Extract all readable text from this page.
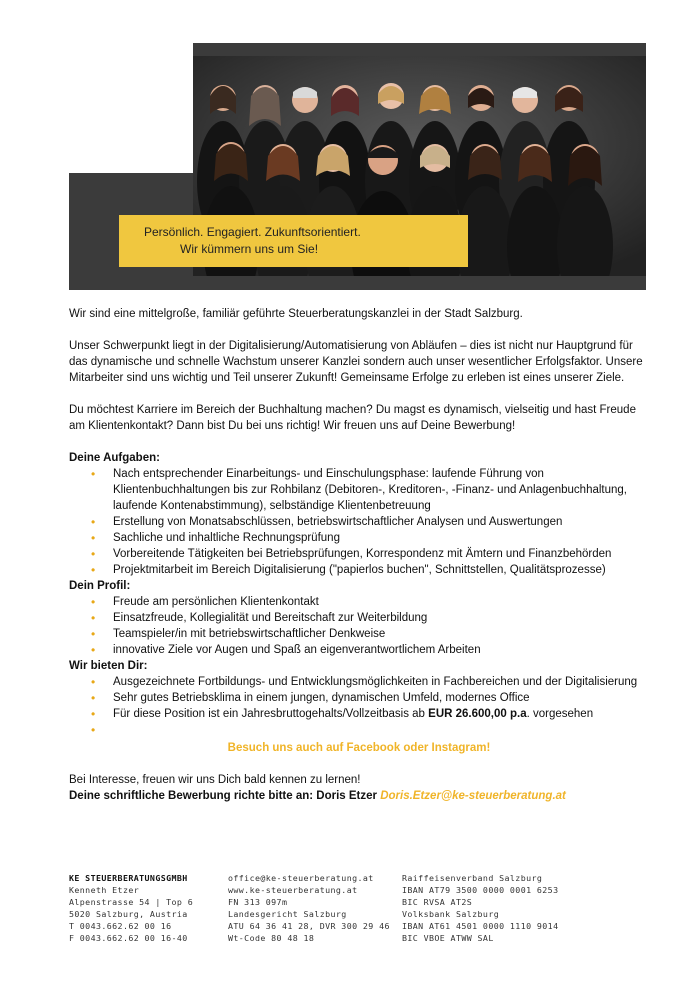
Persönlich. Engagiert. Zukunftsorientiert.
Wir kümmern uns um Sie!

Wir sind eine mittelgroße, familiär geführte Steuerberatungskanzlei in der Stadt Salzburg.

Unser Schwerpunkt liegt in der Digitalisierung/Automatisierung von Abläufen – dies ist nicht nur Hauptgrund für das dynamische und schnelle Wachstum unserer Kanzlei sondern auch unser wesentlicher Erfolgsfaktor. Unsere Mitarbeiter sind uns wichtig und Teil unserer Zukunft! Gemeinsame Erfolge zu erleben ist eines unserer Ziele.

Du möchtest Karriere im Bereich der Buchhaltung machen? Du magst es dynamisch, vielseitig und hast Freude am Klientenkontakt? Dann bist Du bei uns richtig! Wir freuen uns auf Deine Bewerbung!

Deine Aufgaben:
• Nach entsprechender Einarbeitungs- und Einschulungsphase: laufende Führung von Klientenbuchhaltungen bis zur Rohbilanz (Debitoren-, Kreditoren-, -Finanz- und Anlagenbuchhaltung, laufende Kontenabstimmung), selbständige Klientenbetreuung
• Erstellung von Monatsabschlüssen, betriebswirtschaftlicher Analysen und Auswertungen
• Sachliche und inhaltliche Rechnungsprüfung
• Vorbereitende Tätigkeiten bei Betriebsprüfungen, Korrespondenz mit Ämtern und Finanzbehörden
• Projektmitarbeit im Bereich Digitalisierung ("papierlos buchen", Schnittstellen, Qualitätsprozesse)
Dein Profil:
• Freude am persönlichen Klientenkontakt
• Einsatzfreude, Kollegialität und Bereitschaft zur Weiterbildung
• Teamspieler/in mit betriebswirtschaftlicher Denkweise
• innovative Ziele vor Augen und Spaß an eigenverantwortlichem Arbeiten
Wir bieten Dir:
• Ausgezeichnete Fortbildungs- und Entwicklungsmöglichkeiten in Fachbereichen und der Digitalisierung
• Sehr gutes Betriebsklima in einem jungen, dynamischen Umfeld, modernes Office
• Für diese Position ist ein Jahresbruttogehalts/Vollzeitbasis ab EUR 26.600,00 p.a. vorgesehen
•
Besuch uns auch auf Facebook oder Instagram!
Bei Interesse, freuen wir uns Dich bald kennen zu lernen!
Deine schriftliche Bewerbung richte bitte an: Doris Etzer Doris.Etzer@ke-steuerberatung.at
KE STEUERBERATUNGSGMBH
Kenneth Etzer
Alpenstrasse 54 | Top 6
5020 Salzburg, Austria
T 0043.662.62 00 16
F 0043.662.62 00 16-40
office@ke-steuerberatung.at
www.ke-steuerberatung.at
FN 313 097m
Landesgericht Salzburg
ATU 64 36 41 28, DVR 300 29 46
Wt-Code 80 48 18
Raiffeisenverband Salzburg
IBAN AT79 3500 0000 0001 6253
BIC RVSA AT2S
Volksbank Salzburg
IBAN AT61 4501 0000 1110 9014
BIC VBOE ATWW SAL
